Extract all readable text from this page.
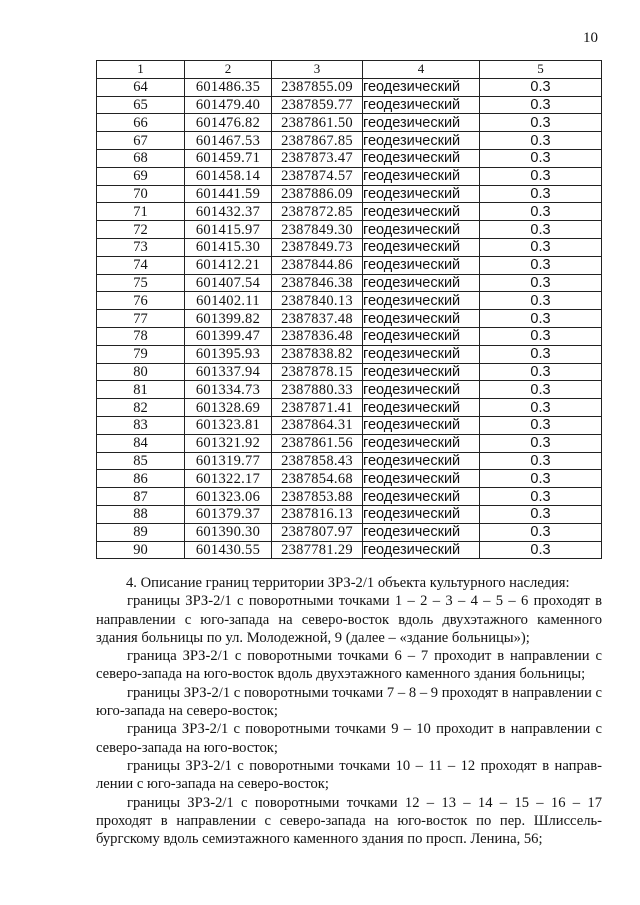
10
1	2	3	4	5
64	601486.35	2387855.09	геодезический	0.3
65	601479.40	2387859.77	геодезический	0.3
66	601476.82	2387861.50	геодезический	0.3
67	601467.53	2387867.85	геодезический	0.3
68	601459.71	2387873.47	геодезический	0.3
69	601458.14	2387874.57	геодезический	0.3
70	601441.59	2387886.09	геодезический	0.3
71	601432.37	2387872.85	геодезический	0.3
72	601415.97	2387849.30	геодезический	0.3
73	601415.30	2387849.73	геодезический	0.3
74	601412.21	2387844.86	геодезический	0.3
75	601407.54	2387846.38	геодезический	0.3
76	601402.11	2387840.13	геодезический	0.3
77	601399.82	2387837.48	геодезический	0.3
78	601399.47	2387836.48	геодезический	0.3
79	601395.93	2387838.82	геодезический	0.3
80	601337.94	2387878.15	геодезический	0.3
81	601334.73	2387880.33	геодезический	0.3
82	601328.69	2387871.41	геодезический	0.3
83	601323.81	2387864.31	геодезический	0.3
84	601321.92	2387861.56	геодезический	0.3
85	601319.77	2387858.43	геодезический	0.3
86	601322.17	2387854.68	геодезический	0.3
87	601323.06	2387853.88	геодезический	0.3
88	601379.37	2387816.13	геодезический	0.3
89	601390.30	2387807.97	геодезический	0.3
90	601430.55	2387781.29	геодезический	0.3

4. Описание границ территории ЗРЗ-2/1 объекта культурного наследия:

границы ЗРЗ-2/1 с поворотными точками 1 – 2 – 3 – 4 – 5 – 6 проходят в направлении с юго-запада на северо-восток вдоль двухэтажного каменного здания больницы по ул. Молодежной, 9 (далее – «здание больницы»);

граница ЗРЗ-2/1 с поворотными точками 6 – 7 проходит в направлении с северо-запада на юго-восток вдоль двухэтажного каменного здания больницы;

границы ЗРЗ-2/1 с поворотными точками 7 – 8 – 9 проходят в направлении с юго-запада на северо-восток;

граница ЗРЗ-2/1 с поворотными точками 9 – 10 проходит в направлении с северо-запада на юго-восток;

границы ЗРЗ-2/1 с поворотными точками 10 – 11 – 12 проходят в направ-лении с юго-запада на северо-восток;

границы ЗРЗ-2/1 с поворотными точками 12 – 13 – 14 – 15 – 16 – 17 проходят в направлении с северо-запада на юго-восток по пер. Шлиссель-бургскому вдоль семиэтажного каменного здания по просп. Ленина, 56;
